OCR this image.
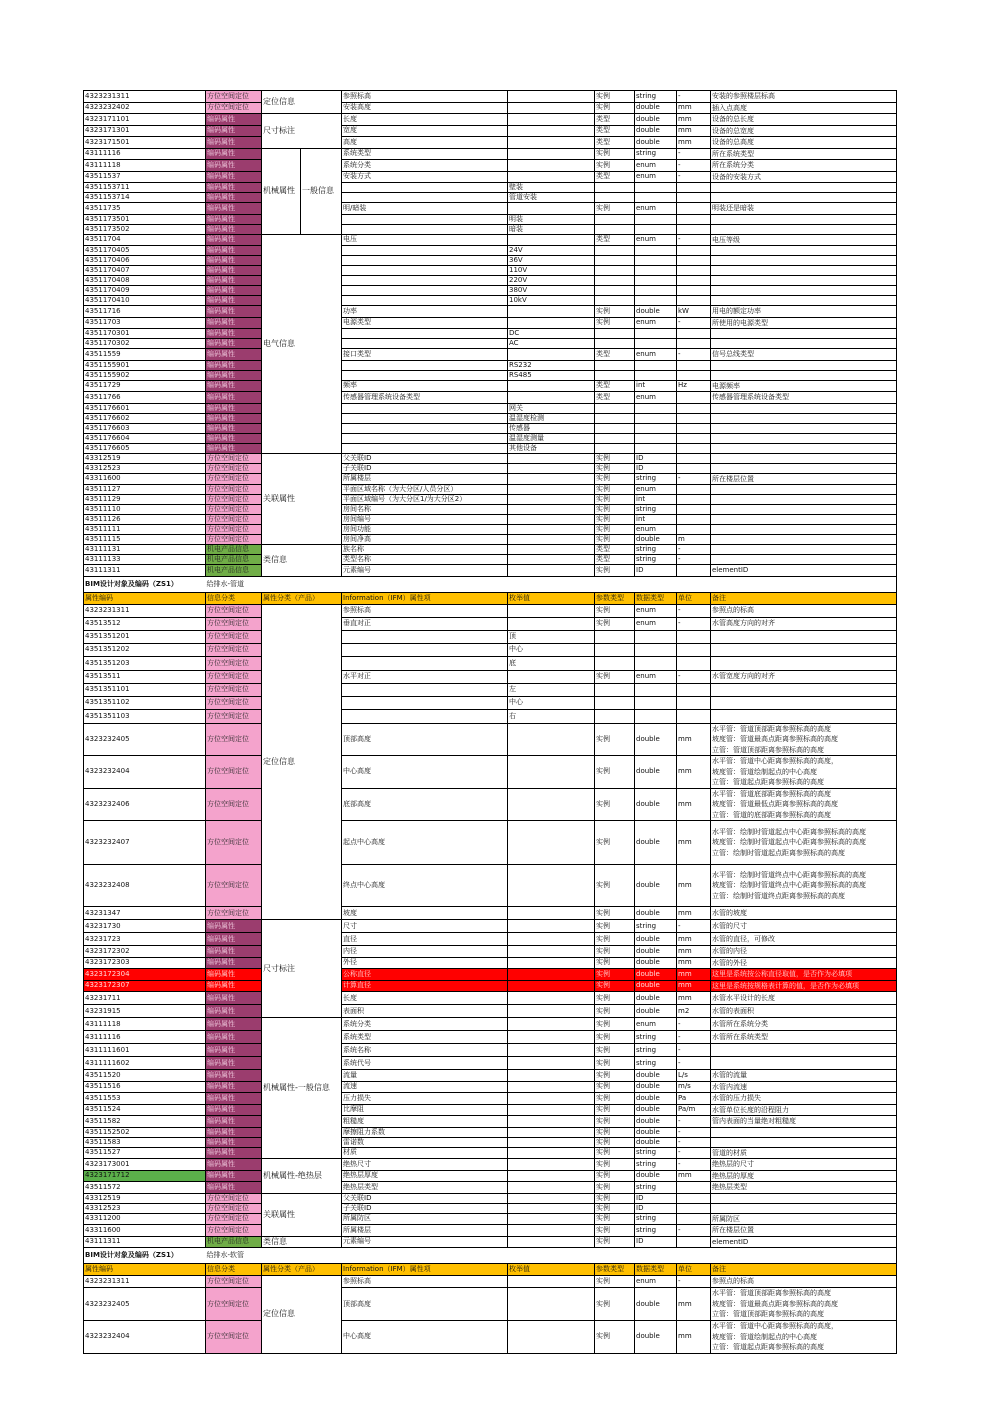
4323231311	方位空间定位	定位信息		参照标高		实例	string	-	安装的参照楼层标高
4323232402	方位空间定位			安装高度		实例	double	mm	插入点高度
4323171101	编码属性	尺寸标注		长度		类型	double	mm	设备的总长度
4323171301	编码属性			宽度		类型	double	mm	设备的总宽度
4323171501	编码属性			高度		类型	double	mm	设备的总高度
43111116	编码属性	机械属性	一般信息	系统类型		实例	string	-	所在系统类型
43111118	编码属性			系统分类		实例	enum	-	所在系统分类
43511537	编码属性			安装方式		类型	enum	-	设备的安装方式
4351153711	编码属性				壁装				
4351153714	编码属性				管道安装				
43511735	编码属性			明/暗装		实例	enum		明装还是暗装
4351173501	编码属性				明装				
4351173502	编码属性				暗装				
43511704	编码属性	电气信息		电压		类型	enum	-	电压等级
4351170405	编码属性				24V				
4351170406	编码属性				36V				
4351170407	编码属性				110V				
4351170408	编码属性				220V				
4351170409	编码属性				380V				
4351170410	编码属性				10kV				
43511716	编码属性			功率		实例	double	kW	用电的额定功率
43511703	编码属性			电源类型		实例	enum	-	所使用的电源类型
4351170301	编码属性				DC				
4351170302	编码属性				AC				
43511559	编码属性			接口类型		类型	enum	-	信号总线类型
4351155901	编码属性				RS232				
4351155902	编码属性				RS485				
43511729	编码属性			频率		类型	int	Hz	电源频率
43511766	编码属性			传感器管理系统设备类型		类型	enum		传感器管理系统设备类型
4351176601	编码属性				网关				
4351176602	编码属性				温湿度检测				
4351176603	编码属性				传感器				
4351176604	编码属性				温湿度测量				
4351176605	编码属性				其他设备				
43312519	方位空间定位	关联属性		父关联ID		实例	ID		
43312523	方位空间定位			子关联ID		实例	ID		
43311600	方位空间定位			所属楼层		实例	string	-	所在楼层位置
43511127	方位空间定位			平面区域名称（为大分区/人员分区）		实例	enum		
43511129	方位空间定位			平面区域编号（为大分区1/为大分区2）		实例	int		
43511110	方位空间定位			房间名称		实例	string		
43511126	方位空间定位			房间编号		实例	int		
43511111	方位空间定位			房间功能		实例	enum		
43511115	方位空间定位			房间净高		实例	double	m	
43111131	机电产品信息	类信息		族名称		类型	string	-	
43111133	机电产品信息			类型名称		类型	string	-	
43111311	机电产品信息			元素编号		实例	ID		elementID
BIM设计对象及编码（ZS1）	给排水-管道								
属性编码	信息分类	属性分类（产品）		Information（IFM）属性项	枚举值	参数类型	数据类型	单位	备注
4323231311	方位空间定位	定位信息		参照标高		实例	enum	-	参照点的标高
43513512	方位空间定位			垂直对正		实例	enum	-	水管高度方向的对齐
4351351201	方位空间定位				顶				
4351351202	方位空间定位				中心				
4351351203	方位空间定位				底				
43513511	方位空间定位			水平对正		实例	enum	-	水管宽度方向的对齐
4351351101	方位空间定位				左				
4351351102	方位空间定位				中心				
4351351103	方位空间定位				右				
4323232405	方位空间定位			顶部高度		实例	double	mm	水平管：管道顶部距离参照标高的高度
坡度管：管道最高点距离参照标高的高度
立管：管道顶部距离参照标高的高度
4323232404	方位空间定位			中心高度		实例	double	mm	水平管：管道中心距离参照标高的高度，
坡度管：管道绘制起点的中心高度
立管：管道起点距离参照标高的高度
4323232406	方位空间定位			底部高度		实例	double	mm	水平管：管道底部距离参照标高的高度
坡度管：管道最低点距离参照标高的高度
立管：管道的底部距离参照标高的高度
4323232407	方位空间定位			起点中心高度		实例	double	mm	水平管：绘制时管道起点中心距离参照标高的高度
坡度管：绘制时管道起点中心距离参照标高的高度
立管：绘制时管道起点距离参照标高的高度
4323232408	方位空间定位			终点中心高度		实例	double	mm	水平管：绘制时管道终点中心距离参照标高的高度
坡度管：绘制时管道终点中心距离参照标高的高度
立管：绘制时管道终点距离参照标高的高度
43231347	方位空间定位			坡度		实例	double	mm	水管的坡度
43231730	编码属性	尺寸标注		尺寸		实例	string	-	水管的尺寸
43231723	编码属性			直径		实例	double	mm	水管的直径，可修改
4323172302	编码属性			内径		实例	double	mm	水管的内径
4323172303	编码属性			外径		实例	double	mm	水管的外径
4323172304	编码属性			公称直径		实例	double	mm	这里是系统按公称直径取值，是否作为必填项
4323172307	编码属性			计算直径		实例	double	mm	这里是系统按规格表计算的值，是否作为必填项
43231711	编码属性			长度		实例	double	mm	水管水平设计的长度
43231915	编码属性			表面积		实例	double	m2	水管的表面积
43111118	编码属性	机械属性-一般信息		系统分类		实例	enum	-	水管所在系统分类
43111116	编码属性			系统类型		实例	string	-	水管所在系统类型
4311111601	编码属性			系统名称		实例	string	-	
4311111602	编码属性			系统代号		实例	string	-	
43511520	编码属性			流量		实例	double	L/s	水管的流量
43511516	编码属性			流速		实例	double	m/s	水管内流速
43511553	编码属性			压力损失		实例	double	Pa	水管的压力损失
43511524	编码属性			比摩阻		实例	double	Pa/m	水管单位长度的沿程阻力
43511582	编码属性			粗糙度		实例	double	-	管内表面的当量绝对粗糙度
4351152502	编码属性			摩擦阻力系数		实例	double	-	
43511583	编码属性			雷诺数		实例	double	-	
43511527	编码属性			材质		实例	string	-	管道的材质
4323173001	编码属性	机械属性-绝热层		绝热尺寸		实例	string	-	绝热层的尺寸
4323171712	编码属性			绝热层厚度		实例	double	mm	绝热层的厚度
43511572	编码属性			绝热层类型		实例	string		绝热层类型
43312519	方位空间定位	关联属性		父关联ID		实例	ID		
43312523	方位空间定位			子关联ID		实例	ID		
43311200	方位空间定位			所属防区		实例	string		所属防区
43311600	方位空间定位			所属楼层		实例	string	-	所在楼层位置
43111311	机电产品信息	类信息		元素编号		实例	ID		elementID
BIM设计对象及编码（ZS1）	给排水-软管								
属性编码	信息分类	属性分类（产品）		Information（IFM）属性项	枚举值	参数类型	数据类型	单位	备注
4323231311	方位空间定位	定位信息		参照标高		实例	enum	-	参照点的标高
4323232405	方位空间定位			顶部高度		实例	double	mm	水平管：管道顶部距离参照标高的高度
坡度管：管道最高点距离参照标高的高度
立管：管道顶部距离参照标高的高度
4323232404	方位空间定位			中心高度		实例	double	mm	水平管：管道中心距离参照标高的高度，
坡度管：管道绘制起点的中心高度
立管：管道起点距离参照标高的高度
